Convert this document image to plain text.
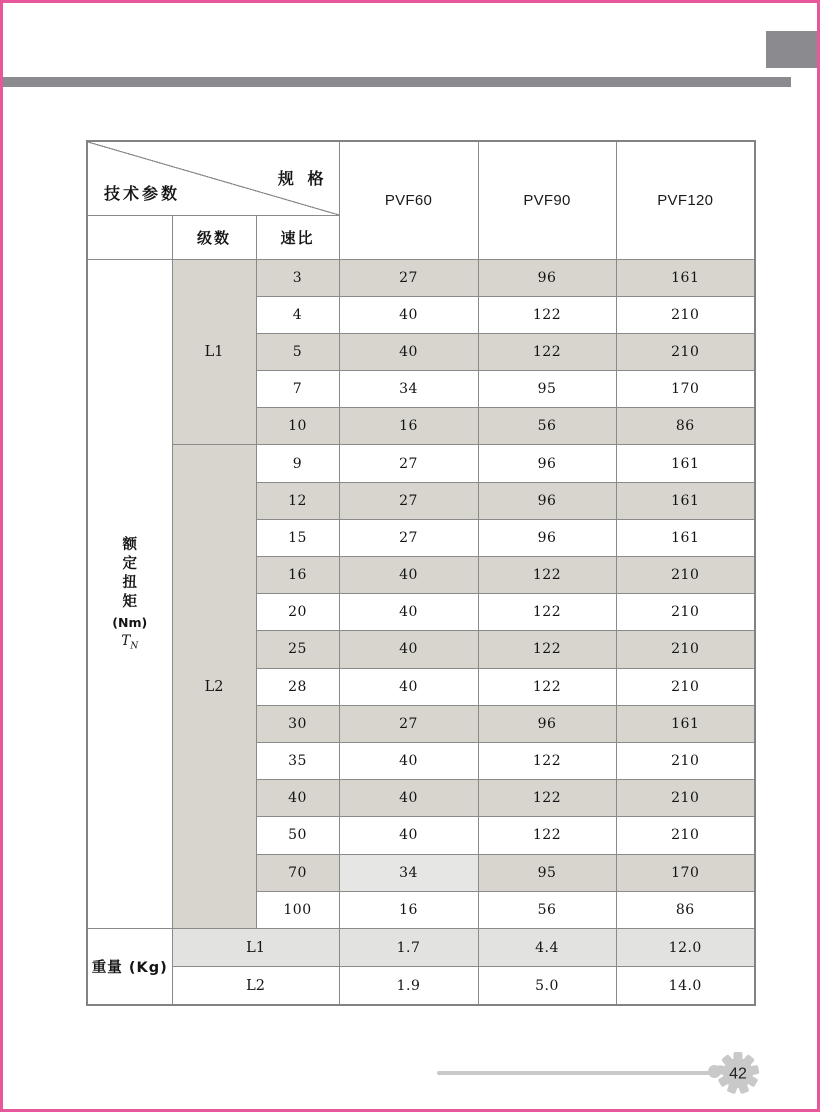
技术参数
规 格			PVF60	PVF90	PVF120
	级数	速比			

额定扭矩
(Nm)
$T_N$	L1	3	27	96	161
		4	40	122	210
		5	40	122	210
		7	34	95	170
		10	16	56	86
	L2	9	27	96	161
		12	27	96	161
		15	27	96	161
		16	40	122	210
		20	40	122	210
		25	40	122	210
		28	40	122	210
		30	27	96	161
		35	40	122	210
		40	40	122	210
		50	40	122	210
		70	34	95	170
		100	16	56	86
重量 (Kg)	L1		1.7	4.4	12.0
	L2		1.9	5.0	14.0
42
